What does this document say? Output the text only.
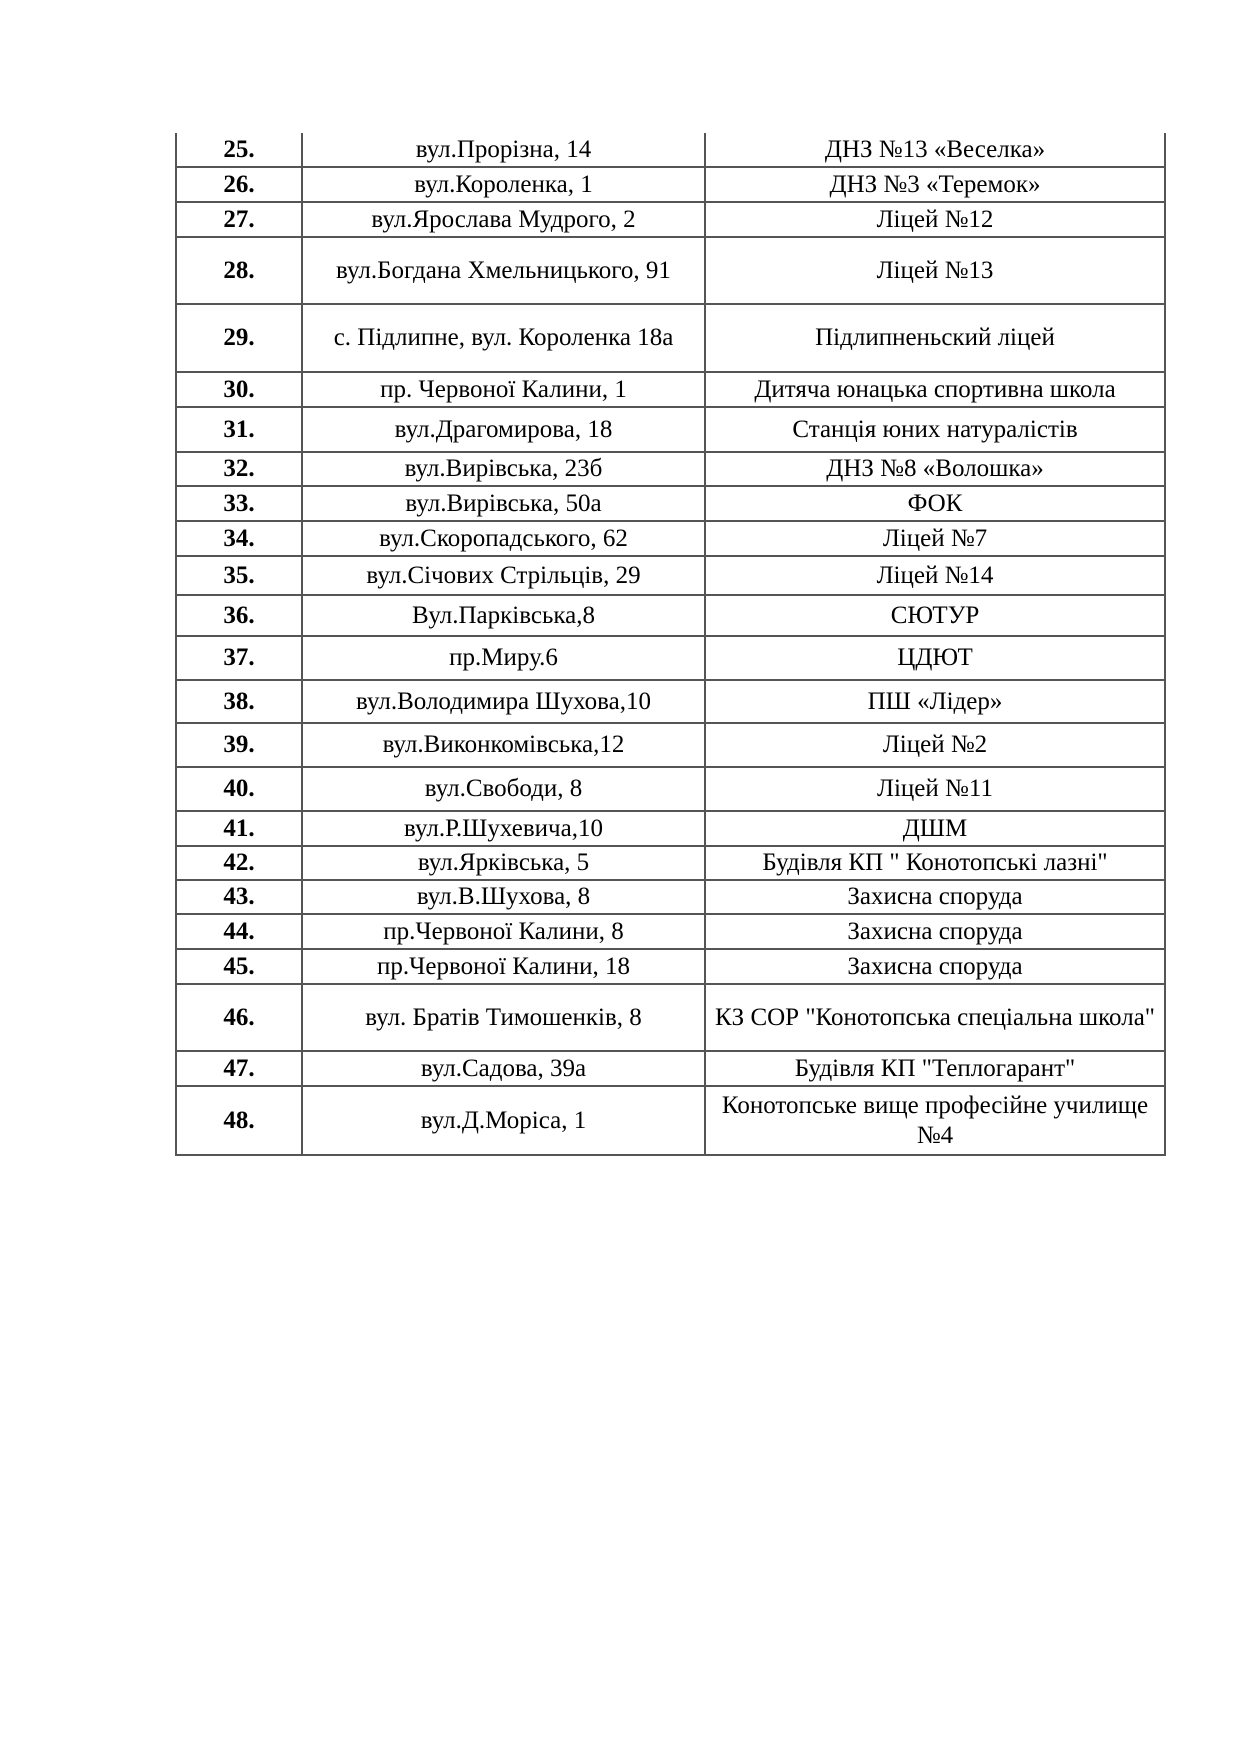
25.	вул.Прорізна, 14	ДНЗ №13 «Веселка»
26.	вул.Короленка, 1	ДНЗ №3 «Теремок»
27.	вул.Ярослава Мудрого, 2	Ліцей №12
28.	вул.Богдана Хмельницького, 91	Ліцей №13
29.	с. Підлипне, вул. Короленка 18а	Підлипненьский ліцей
30.	пр. Червоної Калини, 1	Дитяча юнацька спортивна школа
31.	вул.Драгомирова, 18	Станція юних натуралістів
32.	вул.Вирівська, 23б	ДНЗ №8 «Волошка»
33.	вул.Вирівська, 50а	ФОК
34.	вул.Скоропадського, 62	Ліцей №7
35.	вул.Січових Стрільців, 29	Ліцей №14
36.	Вул.Парківська,8	СЮТУР
37.	пр.Миру.6	ЦДЮТ
38.	вул.Володимира Шухова,10	ПШ «Лідер»
39.	вул.Виконкомівська,12	Ліцей №2
40.	вул.Свободи, 8	Ліцей №11
41.	вул.Р.Шухевича,10	ДШМ
42.	вул.Ярківська, 5	Будівля КП " Конотопські лазні"
43.	вул.В.Шухова, 8	Захисна споруда
44.	пр.Червоної Калини, 8	Захисна споруда
45.	пр.Червоної Калини, 18	Захисна споруда
46.	вул. Братів Тимошенків, 8	КЗ СОР "Конотопська спеціальна школа"
47.	вул.Садова, 39а	Будівля КП "Теплогарант"
48.	вул.Д.Моріса, 1	Конотопське вище професійне училище №4
